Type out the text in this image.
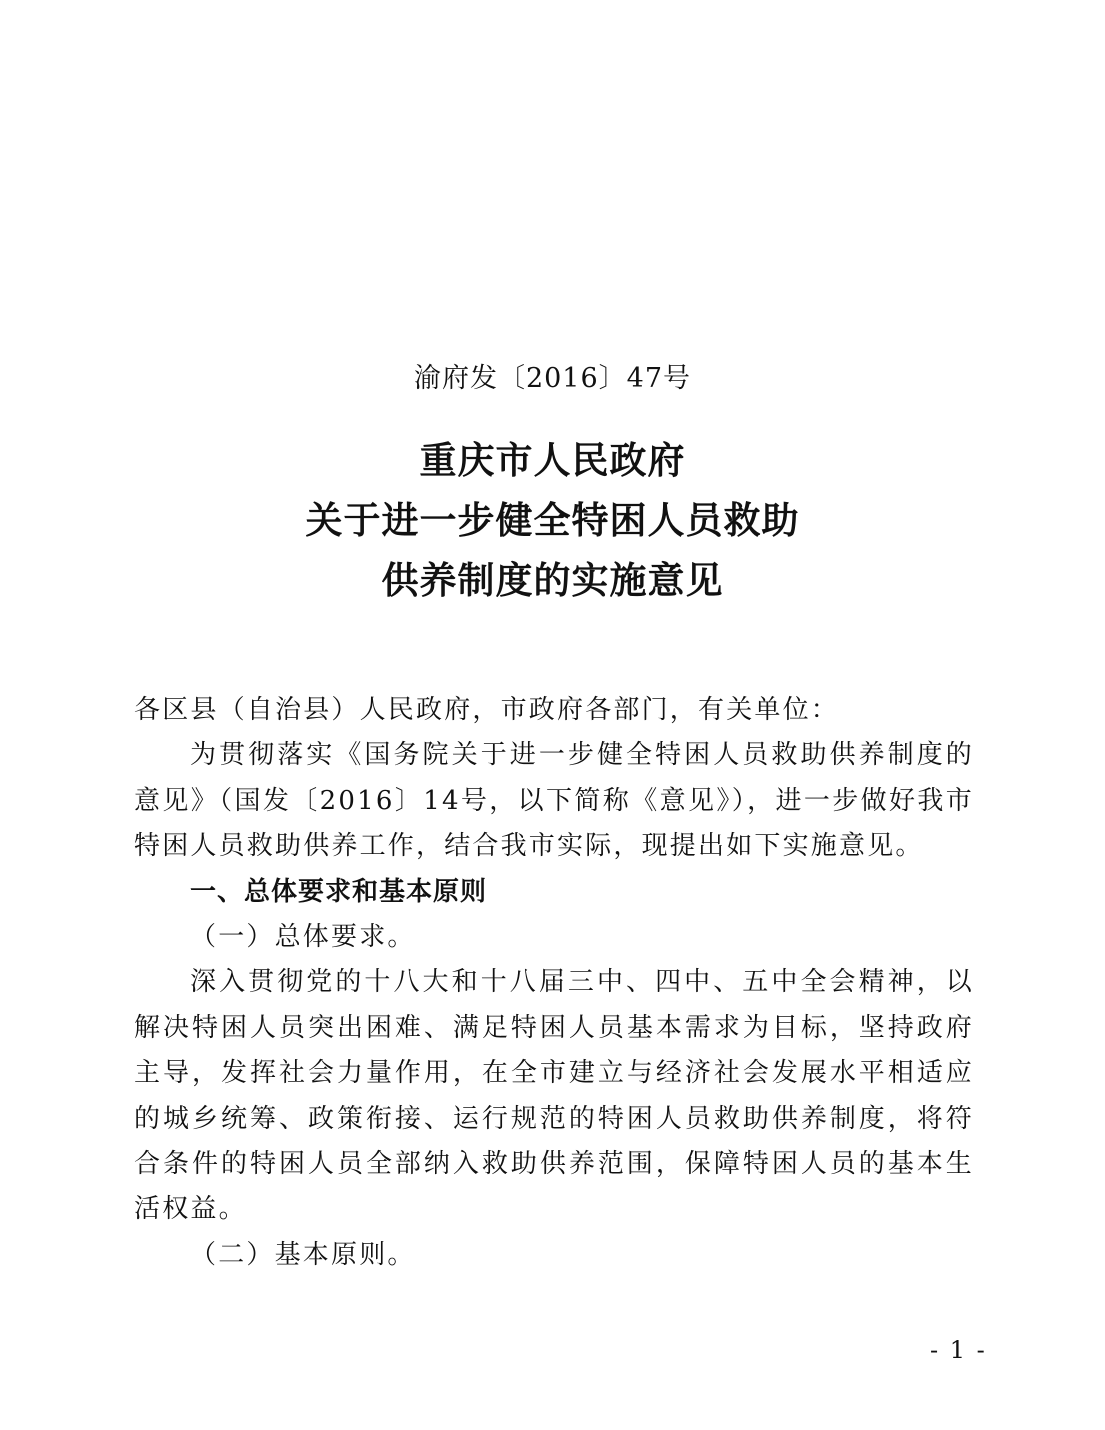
渝府发〔2016〕47号
重庆市人民政府
关于进一步健全特困人员救助
供养制度的实施意见

各区县（自治县）人民政府，市政府各部门，有关单位：

为贯彻落实《国务院关于进一步健全特困人员救助供养制度的意见》（国发〔2016〕14号，以下简称《意见》），进一步做好我市特困人员救助供养工作，结合我市实际，现提出如下实施意见。

一、总体要求和基本原则

（一）总体要求。

深入贯彻党的十八大和十八届三中、四中、五中全会精神，以解决特困人员突出困难、满足特困人员基本需求为目标，坚持政府主导，发挥社会力量作用，在全市建立与经济社会发展水平相适应的城乡统筹、政策衔接、运行规范的特困人员救助供养制度，将符合条件的特困人员全部纳入救助供养范围，保障特困人员的基本生活权益。

（二）基本原则。

- 1 -
